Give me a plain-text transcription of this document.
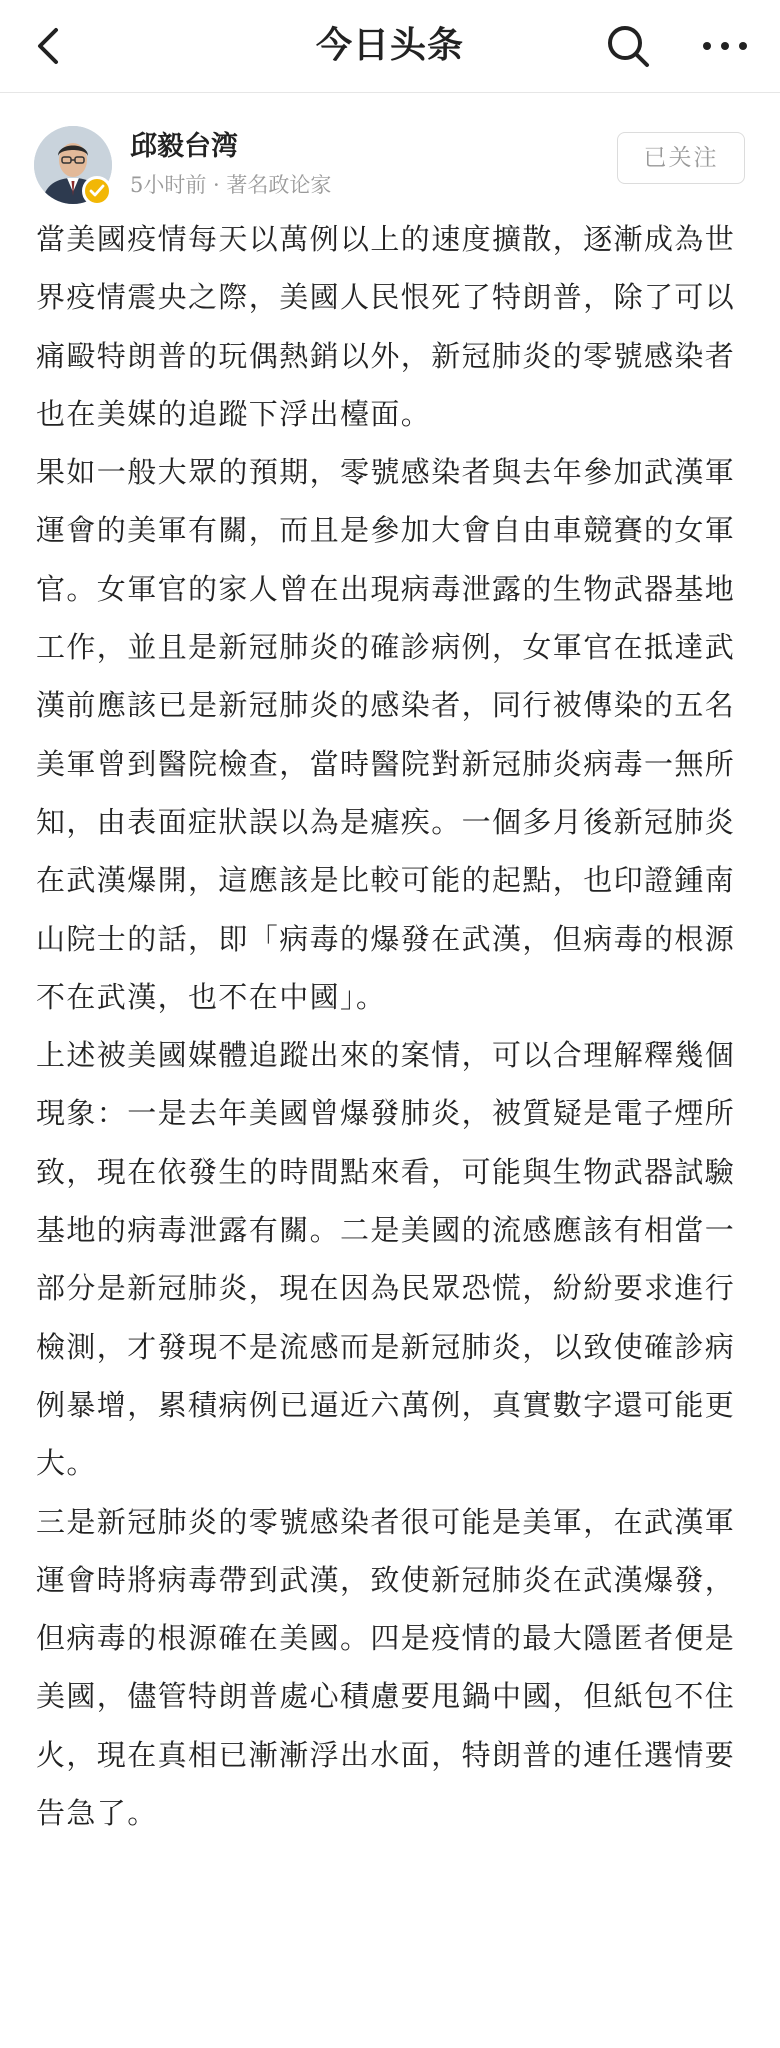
今日头条
邱毅台湾
5小时前 · 著名政论家
已关注

當美國疫情每天以萬例以上的速度擴散，逐漸成為世界疫情震央之際，美國人民恨死了特朗普，除了可以痛毆特朗普的玩偶熱銷以外，新冠肺炎的零號感染者也在美媒的追蹤下浮出檯面。

果如一般大眾的預期，零號感染者與去年參加武漢軍運會的美軍有關，而且是參加大會自由車競賽的女軍官。女軍官的家人曾在出現病毒泄露的生物武器基地工作，並且是新冠肺炎的確診病例，女軍官在抵達武漢前應該已是新冠肺炎的感染者，同行被傳染的五名美軍曾到醫院檢查，當時醫院對新冠肺炎病毒一無所知，由表面症狀誤以為是瘧疾。一個多月後新冠肺炎在武漢爆開，這應該是比較可能的起點，也印證鍾南山院士的話，即「病毒的爆發在武漢，但病毒的根源不在武漢，也不在中國」。

上述被美國媒體追蹤出來的案情，可以合理解釋幾個現象：一是去年美國曾爆發肺炎，被質疑是電子煙所致，現在依發生的時間點來看，可能與生物武器試驗基地的病毒泄露有關。二是美國的流感應該有相當一部分是新冠肺炎，現在因為民眾恐慌，紛紛要求進行檢測，才發現不是流感而是新冠肺炎，以致使確診病例暴增，累積病例已逼近六萬例，真實數字還可能更大。

三是新冠肺炎的零號感染者很可能是美軍，在武漢軍運會時將病毒帶到武漢，致使新冠肺炎在武漢爆發，但病毒的根源確在美國。四是疫情的最大隱匿者便是美國，儘管特朗普處心積慮要甩鍋中國，但紙包不住火，現在真相已漸漸浮出水面，特朗普的連任選情要告急了。
